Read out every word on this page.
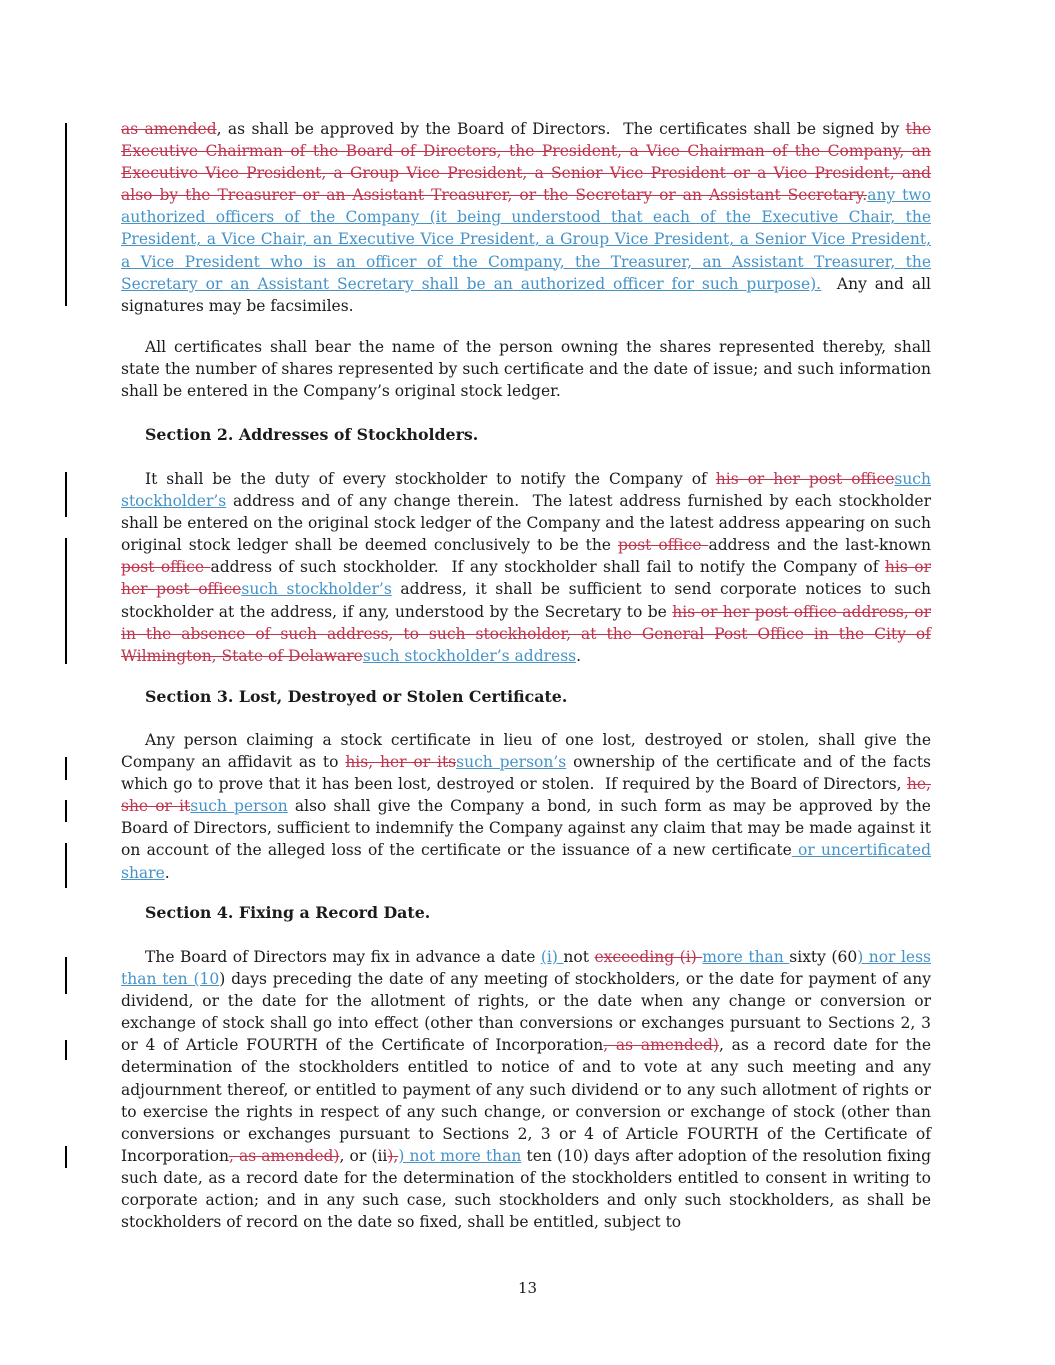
as amended, as shall be approved by the Board of Directors.  The certificates shall be signed by the Executive Chairman of the Board of Directors, the President, a Vice Chairman of the Company, an Executive Vice President, a Group Vice President, a Senior Vice President or a Vice President, and also by the Treasurer or an Assistant Treasurer, or the Secretary or an Assistant Secretary.any two authorized officers of the Company (it being understood that each of the Executive Chair, the President, a Vice Chair, an Executive Vice President, a Group Vice President, a Senior Vice President, a Vice President who is an officer of the Company, the Treasurer, an Assistant Treasurer, the Secretary or an Assistant Secretary shall be an authorized officer for such purpose).  Any and all signatures may be facsimiles.

All certificates shall bear the name of the person owning the shares represented thereby, shall state the number of shares represented by such certificate and the date of issue; and such information shall be entered in the Company’s original stock ledger.

Section 2. Addresses of Stockholders.

It shall be the duty of every stockholder to notify the Company of his or her post officesuch stockholder’s address and of any change therein.  The latest address furnished by each stockholder shall be entered on the original stock ledger of the Company and the latest address appearing on such original stock ledger shall be deemed conclusively to be the post office address and the last-known post office address of such stockholder.  If any stockholder shall fail to notify the Company of his or her post officesuch stockholder’s address, it shall be sufficient to send corporate notices to such stockholder at the address, if any, understood by the Secretary to be his or her post office address, or in the absence of such address, to such stockholder, at the General Post Office in the City of Wilmington, State of Delawaresuch stockholder’s address.

Section 3. Lost, Destroyed or Stolen Certificate.

Any person claiming a stock certificate in lieu of one lost, destroyed or stolen, shall give the Company an affidavit as to his, her or itssuch person’s ownership of the certificate and of the facts which go to prove that it has been lost, destroyed or stolen.  If required by the Board of Directors, he, she or itsuch person also shall give the Company a bond, in such form as may be approved by the Board of Directors, sufficient to indemnify the Company against any claim that may be made against it on account of the alleged loss of the certificate or the issuance of a new certificate or uncertificated share.

Section 4. Fixing a Record Date.

The Board of Directors may fix in advance a date (i) not exceeding (i) more than sixty (60) nor less than ten (10) days preceding the date of any meeting of stockholders, or the date for payment of any dividend, or the date for the allotment of rights, or the date when any change or conversion or exchange of stock shall go into effect (other than conversions or exchanges pursuant to Sections 2, 3 or 4 of Article FOURTH of the Certificate of Incorporation, as amended), as a record date for the determination of the stockholders entitled to notice of and to vote at any such meeting and any adjournment thereof, or entitled to payment of any such dividend or to any such allotment of rights or to exercise the rights in respect of any such change, or conversion or exchange of stock (other than conversions or exchanges pursuant to Sections 2, 3 or 4 of Article FOURTH of the Certificate of Incorporation, as amended), or (ii),) not more than ten (10) days after adoption of the resolution fixing such date, as a record date for the determination of the stockholders entitled to consent in writing to corporate action; and in any such case, such stockholders and only such stockholders, as shall be stockholders of record on the date so fixed, shall be entitled, subject to

13
